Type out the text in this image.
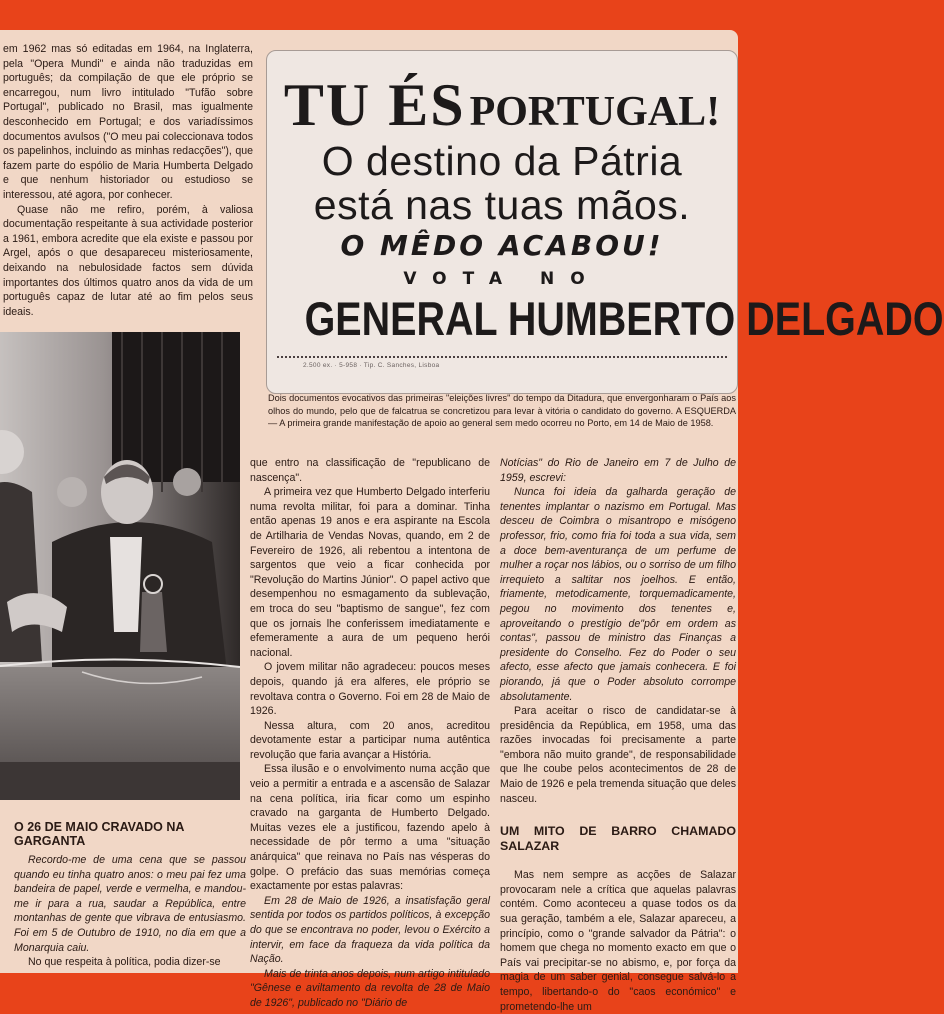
em 1962 mas só editadas em 1964, na Inglaterra, pela "Opera Mundi" e ainda não traduzidas em português; da compilação de que ele próprio se encarregou, num livro intitulado "Tufão sobre Portugal", publicado no Brasil, mas igualmente desconhecido em Portugal; e dos variadíssimos documentos avulsos ("O meu pai coleccionava todos os papelinhos, incluindo as minhas redacções"), que fazem parte do espólio de Maria Humberta Delgado e que nenhum historiador ou estudioso se interessou, até agora, por conhecer.

Quase não me refiro, porém, à valiosa documentação respeitante à sua actividade posterior a 1961, embora acredite que ela existe e passou por Argel, após o que desapareceu misteriosamente, deixando na nebulosidade factos sem dúvida importantes dos últimos quatro anos da vida de um português capaz de lutar até ao fim pelos seus ideais.

TU ÉS PORTUGAL!
O destino da Pátria
está nas tuas mãos.
O MÊDO ACABOU!
VOTA NO
GENERAL HUMBERTO DELGADO
2.500 ex. · 5-958 · Tip. C. Sanches, Lisboa
Dois documentos evocativos das primeiras "eleições livres" do tempo da Ditadura, que envergonharam o País aos olhos do mundo, pelo que de falcatrua se concretizou para levar à vitória o candidato do governo. A ESQUERDA — A primeira grande manifestação de apoio ao general sem medo ocorreu no Porto, em 14 de Maio de 1958.
O 26 DE MAIO CRAVADO NA GARGANTA

Recordo-me de uma cena que se passou quando eu tinha quatro anos: o meu pai fez uma bandeira de papel, verde e vermelha, e mandou-me ir para a rua, saudar a República, entre montanhas de gente que vibrava de entusiasmo. Foi em 5 de Outubro de 1910, no dia em que a Monarquia caiu.

No que respeita à política, podia dizer-se

que entro na classificação de "republicano de nascença".

A primeira vez que Humberto Delgado interferiu numa revolta militar, foi para a dominar. Tinha então apenas 19 anos e era aspirante na Escola de Artilharia de Vendas Novas, quando, em 2 de Fevereiro de 1926, ali rebentou a intentona de sargentos que veio a ficar conhecida por "Revolução do Martins Júnior". O papel activo que desempenhou no esmagamento da sublevação, em troca do seu "baptismo de sangue", fez com que os jornais lhe conferissem imediatamente e efemeramente a aura de um pequeno herói nacional.

O jovem militar não agradeceu: poucos meses depois, quando já era alferes, ele próprio se revoltava contra o Governo. Foi em 28 de Maio de 1926.

Nessa altura, com 20 anos, acreditou devotamente estar a participar numa autêntica revolução que faria avançar a História.

Essa ilusão e o envolvimento numa acção que veio a permitir a entrada e a ascensão de Salazar na cena política, iria ficar como um espinho cravado na garganta de Humberto Delgado. Muitas vezes ele a justificou, fazendo apelo à necessidade de pôr termo a uma "situação anárquica" que reinava no País nas vésperas do golpe. O prefácio das suas memórias começa exactamente por estas palavras:

Em 28 de Maio de 1926, a insatisfação geral sentida por todos os partidos políticos, à excepção do que se encontrava no poder, levou o Exército a intervir, em face da fraqueza da vida política da Nação.

Mais de trinta anos depois, num artigo intitulado "Gênese e aviltamento da revolta de 28 de Maio de 1926", publicado no "Diário de

Notícias" do Rio de Janeiro em 7 de Julho de 1959, escrevi:

Nunca foi ideia da galharda geração de tenentes implantar o nazismo em Portugal. Mas desceu de Coimbra o misantropo e misógeno professor, frio, como fria foi toda a sua vida, sem a doce bem-aventurança de um perfume de mulher a roçar nos lábios, ou o sorriso de um filho irrequieto a saltitar nos joelhos. E então, friamente, metodicamente, torquemadicamente, pegou no movimento dos tenentes e, aproveitando o prestígio de"pôr em ordem as contas", passou de ministro das Finanças a presidente do Conselho. Fez do Poder o seu afecto, esse afecto que jamais conhecera. E foi piorando, já que o Poder absoluto corrompe absolutamente.

Para aceitar o risco de candidatar-se à presidência da República, em 1958, uma das razões invocadas foi precisamente a parte "embora não muito grande", de responsabilidade que lhe coube pelos acontecimentos de 28 de Maio de 1926 e pela tremenda situação que deles nasceu.

UM MITO DE BARRO CHAMADO SALAZAR

Mas nem sempre as acções de Salazar provocaram nele a crítica que aquelas palavras contém. Como aconteceu a quase todos os da sua geração, também a ele, Salazar apareceu, a princípio, como o "grande salvador da Pátria": o homem que chega no momento exacto em que o País vai precipitar-se no abismo, e, por força da magia de um saber genial, consegue salvá-lo a tempo, libertando-o do "caos económico" e prometendo-lhe um
